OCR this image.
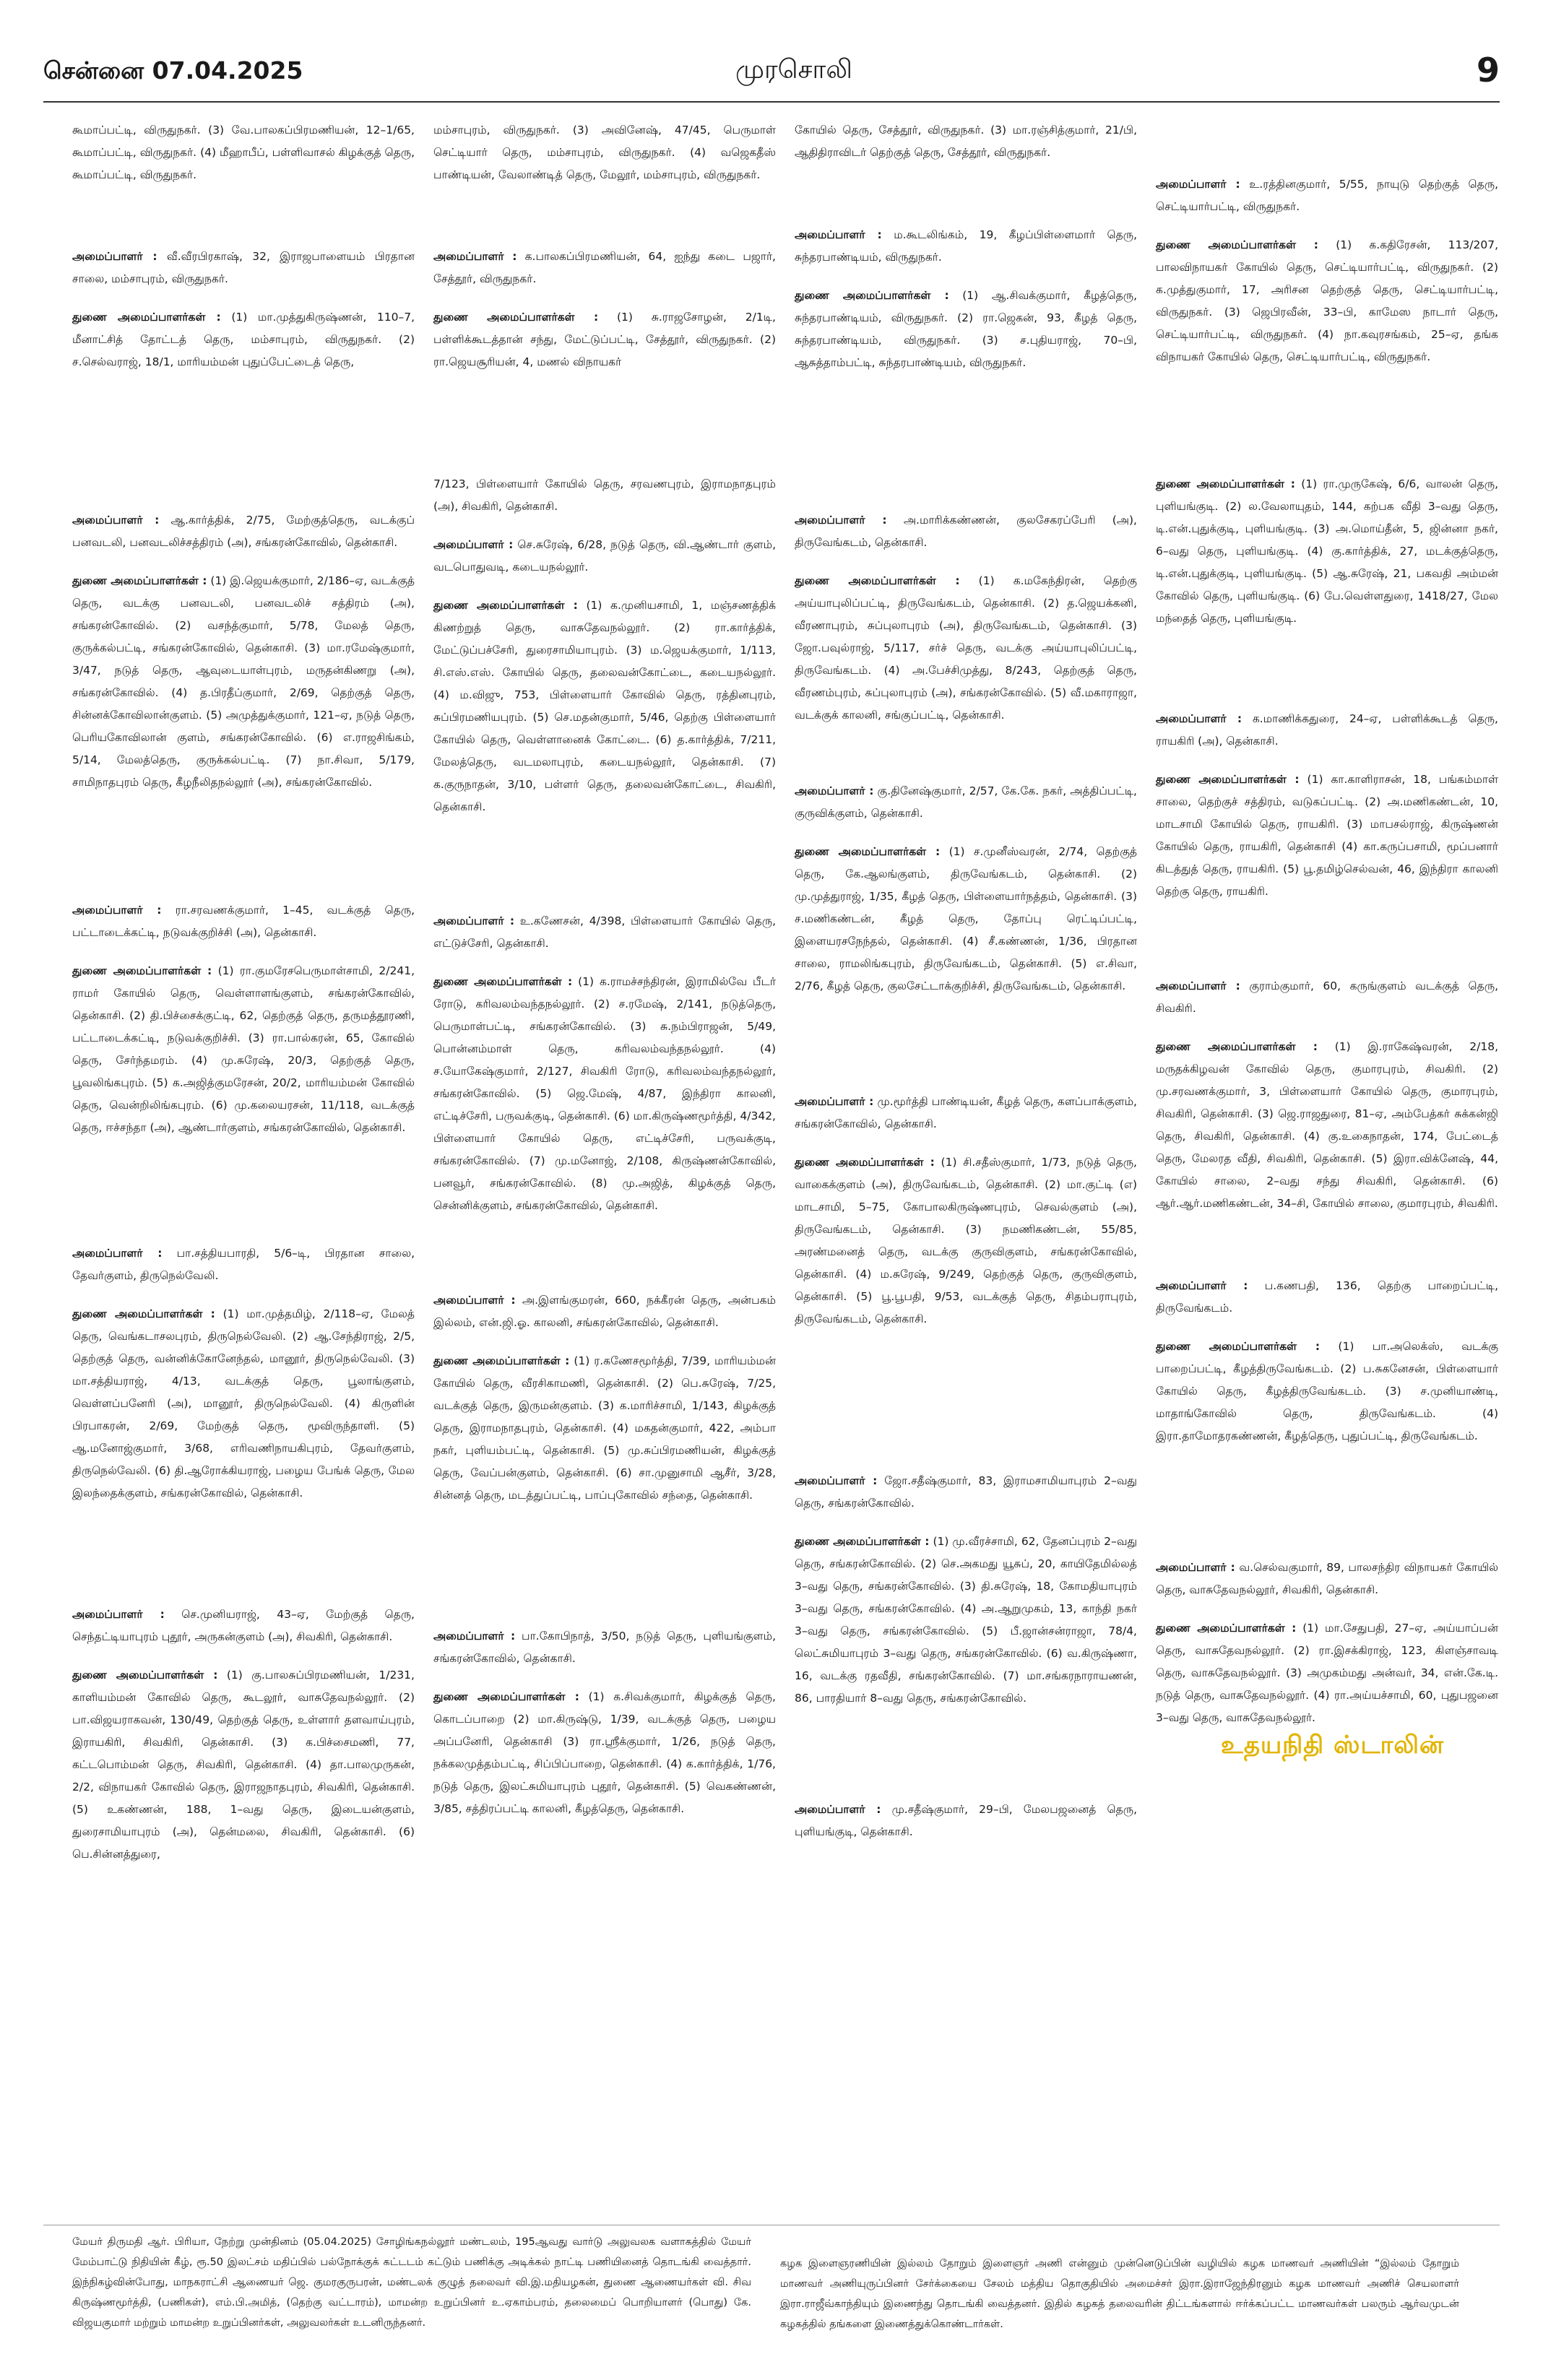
சென்னை 07.04.2025	முரசொலி	9

கூமாப்பட்டி, விருதுநகர். (3) வே.பாலகப்பிரமணியன், 12–1/65, கூமாப்பட்டி, விருதுநகர். (4) மீஹாபீப், பள்ளிவாசல் கிழக்குத் தெரு, கூமாப்பட்டி, விருதுநகர்.

அமைப்பாளர் : வீ.வீரபிரகாஷ், 32, இராஜபாளையம் பிரதான சாலை, மம்சாபுரம், விருதுநகர்.

துணை அமைப்பாளர்கள் : (1) மா.முத்துகிருஷ்ணன், 110–7, மீனாட்சித் தோட்டத் தெரு, மம்சாபுரம், விருதுநகர். (2) ச.செல்வராஜ், 18/1, மாரியம்மன் புதுப்பேட்டைத் தெரு,

அமைப்பாளர் : ஆ.கார்த்திக், 2/75, மேற்குத்தெரு, வடக்குப் பனவடலி, பனவடலிச்சத்திரம் (அ), சங்கரன்கோவில், தென்காசி.

துணை அமைப்பாளர்கள் : (1) இ.ஜெயக்குமார், 2/186–ஏ, வடக்குத் தெரு, வடக்கு பனவடலி, பனவடலிச் சத்திரம் (அ), சங்கரன்கோவில். (2) வசந்த்குமார், 5/78, மேலத் தெரு, குருக்கல்பட்டி, சங்கரன்கோவில், தென்காசி. (3) மா.ரமேஷ்குமார், 3/47, நடுத் தெரு, ஆவுடையாள்புரம், மருதன்கிணறு (அ), சங்கரன்கோவில். (4) த.பிரதீப்குமார், 2/69, தெற்குத் தெரு, சின்னக்கோவிலான்குளம். (5) அமுத்துக்குமார், 121–ஏ, நடுத் தெரு, பெரியகோவிலான் குளம், சங்கரன்கோவில். (6) எ.ராஜசிங்கம், 5/14, மேலத்தெரு, குருக்கல்பட்டி. (7) நா.சிவா, 5/179, சாமிநாதபுரம் தெரு, கீழநீலிதநல்லூர் (அ), சங்கரன்கோவில்.

அமைப்பாளர் : ரா.சரவணக்குமார், 1–45, வடக்குத் தெரு, பட்டாடைக்கட்டி, நடுவக்குறிச்சி (அ), தென்காசி.

துணை அமைப்பாளர்கள் : (1) ரா.குமரேசபெருமாள்சாமி, 2/241, ராமர் கோயில் தெரு, வெள்ளாளங்குளம், சங்கரன்கோவில், தென்காசி. (2) தி.பிச்சைக்குட்டி, 62, தெற்குத் தெரு, தருமத்தூரணி, பட்டாடைக்கட்டி, நடுவக்குறிச்சி. (3) ரா.பால்கரன், 65, கோவில் தெரு, சேர்ந்தமரம். (4) மு.சுரேஷ், 20/3, தெற்குத் தெரு, பூவலிங்கபுரம். (5) க.அஜித்குமரேசன், 20/2, மாரியம்மன் கோவில் தெரு, வென்றிலிங்கபுரம். (6) மு.கலையரசன், 11/118, வடக்குத் தெரு, ஈச்சந்தா (அ), ஆண்டார்குளம், சங்கரன்கோவில், தென்காசி.

அமைப்பாளர் : பா.சத்தியபாரதி, 5/6–டி, பிரதான சாலை, தேவர்குளம், திருநெல்வேலி.

துணை அமைப்பாளர்கள் : (1) மா.முத்தமிழ், 2/118–ஏ, மேலத் தெரு, வெங்கடாசலபுரம், திருநெல்வேலி. (2) ஆ.சேந்திராஜ், 2/5, தெற்குத் தெரு, வன்னிக்கோனேந்தல், மானூர், திருநெல்வேலி. (3) மா.சத்தியராஜ், 4/13, வடக்குத் தெரு, பூலாங்குளம், வெள்ளப்பனேரி (அ), மானூர், திருநெல்வேலி. (4) கிருளின் பிரபாகரன், 2/69, மேற்குத் தெரு, மூவிருந்தாளி. (5) ஆ.மனோஜ்குமார், 3/68, எரிவணிநாயகிபுரம், தேவர்குளம், திருநெல்வேலி. (6) தி.ஆரோக்கியராஜ், பழைய பேங்க் தெரு, மேல இலந்தைக்குளம், சங்கரன்கோவில், தென்காசி.

அமைப்பாளர் : செ.முனியராஜ், 43–ஏ, மேற்குத் தெரு, செந்தட்டியாபுரம் புதூர், அருகன்குளம் (அ), சிவகிரி, தென்காசி.

துணை அமைப்பாளர்கள் : (1) கு.பாலசுப்பிரமணியன், 1/231, காளியம்மன் கோவில் தெரு, கூடலூர், வாசுதேவநல்லூர். (2) பா.விஜயராகவன், 130/49, தெற்குத் தெரு, உள்ளார் தளவாய்புரம், இராயகிரி, சிவகிரி, தென்காசி. (3) க.பிச்சைமணி, 77, கட்டபொம்மன் தெரு, சிவகிரி, தென்காசி. (4) தா.பாலமுருகன், 2/2, விநாயகர் கோவில் தெரு, இராஜநாதபுரம், சிவகிரி, தென்காசி. (5) உகண்ணன், 188, 1–வது தெரு, இடையன்குளம், துரைசாமியாபுரம் (அ), தென்மலை, சிவகிரி, தென்காசி. (6) பெ.சின்னத்துரை,

மம்சாபுரம், விருதுநகர். (3) அவினேஷ், 47/45, பெருமாள் செட்டியார் தெரு, மம்சாபுரம், விருதுநகர். (4) வஜெகதீஸ் பாண்டியன், வேலாண்டித் தெரு, மேலூர், மம்சாபுரம், விருதுநகர்.

அமைப்பாளர் : க.பாலகப்பிரமணியன், 64, ஐந்து கடை பஜார், சேத்தூர், விருதுநகர்.

துணை அமைப்பாளர்கள் : (1) சு.ராஜசோழன், 2/1டி, பள்ளிக்கூடத்தான் சந்து, மேட்டுப்பட்டி, சேத்தூர், விருதுநகர். (2) ரா.ஜெயசூரியன், 4, மணல் விநாயகர்

7/123, பிள்ளையார் கோயில் தெரு, சரவணபுரம், இராமநாதபுரம் (அ), சிவகிரி, தென்காசி.

அமைப்பாளர் : செ.சுரேஷ், 6/28, நடுத் தெரு, வி.ஆண்டார் குளம், வடபொதுவடி, கடையநல்லூர்.

துணை அமைப்பாளர்கள் : (1) க.முனியசாமி, 1, மஞ்சணத்திக் கிணற்றுத் தெரு, வாசுதேவநல்லூர். (2) ரா.கார்த்திக், மேட்டுப்பச்சேரி, துரைசாமியாபுரம். (3) ம.ஜெயக்குமார், 1/113, சி.எஸ்.எஸ். கோயில் தெரு, தலைவன்கோட்டை, கடையநல்லூர். (4) ம.விஜு, 753, பிள்ளையார் கோவில் தெரு, ரத்தினபுரம், சுப்பிரமணியபுரம். (5) செ.மதன்குமார், 5/46, தெற்கு பிள்ளையார் கோயில் தெரு, வெள்ளானைக் கோட்டை. (6) த.கார்த்திக், 7/211, மேலத்தெரு, வடமலாபுரம், கடையநல்லூர், தென்காசி. (7) க.குருநாதன், 3/10, பள்ளர் தெரு, தலைவன்கோட்டை, சிவகிரி, தென்காசி.

அமைப்பாளர் : உ.கணேசன், 4/398, பிள்ளையார் கோயில் தெரு, எட்டுச்சேரி, தென்காசி.

துணை அமைப்பாளர்கள் : (1) க.ராமச்சந்திரன், இராமில்வே பீடர் ரோடு, கரிவலம்வந்தநல்லூர். (2) ச.ரமேஷ், 2/141, நடுத்தெரு, பெருமாள்பட்டி, சங்கரன்கோவில். (3) சு.நம்பிராஜன், 5/49, பொன்னம்மாள் தெரு, கரிவலம்வந்தநல்லூர். (4) ச.யோகேஷ்குமார், 2/127, சிவகிரி ரோடு, கரிவலம்வந்தநல்லூர், சங்கரன்கோவில். (5) ஜெ.மேஷ், 4/87, இந்திரா காலனி, எட்டிச்சேரி, பருவக்குடி, தென்காசி. (6) மா.கிருஷ்ணமூர்த்தி, 4/342, பிள்ளையார் கோயில் தெரு, எட்டிச்சேரி, பருவக்குடி, சங்கரன்கோவில். (7) மு.மனோஜ், 2/108, கிருஷ்ணன்கோவில், பனவூர், சங்கரன்கோவில். (8) மு.அஜித், கிழக்குத் தெரு, சென்னிக்குளம், சங்கரன்கோவில், தென்காசி.

அமைப்பாளர் : அ.இளங்குமரன், 660, நக்கீரன் தெரு, அன்பகம் இல்லம், என்.ஜி.ஓ. காலனி, சங்கரன்கோவில், தென்காசி.

துணை அமைப்பாளர்கள் : (1) ர.கணேசமூர்த்தி, 7/39, மாரியம்மன் கோயில் தெரு, வீரசிகாமணி, தென்காசி. (2) பெ.சுரேஷ், 7/25, வடக்குத் தெரு, இருமன்குளம். (3) க.மாரிச்சாமி, 1/143, கிழக்குத் தெரு, இராமநாதபுரம், தென்காசி. (4) மகதன்குமார், 422, அம்பா நகர், புளியம்பட்டி, தென்காசி. (5) மு.சுப்பிரமணியன், கிழக்குத் தெரு, வேப்பன்குளம், தென்காசி. (6) சா.முனுசாமி ஆசீர், 3/28, சின்னத் தெரு, மடத்துப்பட்டி, பாப்புகோவில் சந்தை, தென்காசி.

அமைப்பாளர் : பா.கோபிநாத், 3/50, நடுத் தெரு, புளியங்குளம், சங்கரன்கோவில், தென்காசி.

துணை அமைப்பாளர்கள் : (1) க.சிவக்குமார், கிழக்குத் தெரு, கொடப்பாறை (2) மா.கிருஷ்டு, 1/39, வடக்குத் தெரு, பழைய அப்பனேரி, தென்காசி (3) ரா.ஸ்ரீக்குமார், 1/26, நடுத் தெரு, நக்கலமுத்தம்பட்டி, சிப்பிப்பாறை, தென்காசி. (4) க.கார்த்திக், 1/76, நடுத் தெரு, இலட்சுமியாபுரம் புதூர், தென்காசி. (5) வெகண்ணன், 3/85, சத்திரப்பட்டி காலனி, கீழத்தெரு, தென்காசி.

கோயில் தெரு, சேத்தூர், விருதுநகர். (3) மா.ரஞ்சித்குமார், 21/பி, ஆதிதிராவிடர் தெற்குத் தெரு, சேத்தூர், விருதுநகர்.

அமைப்பாளர் : ம.கூடலிங்கம், 19, கீழப்பிள்ளைமார் தெரு, சுந்தரபாண்டியம், விருதுநகர்.

துணை அமைப்பாளர்கள் : (1) ஆ.சிவக்குமார், கீழத்தெரு, சுந்தரபாண்டியம், விருதுநகர். (2) ரா.ஜெகன், 93, கீழத் தெரு, சுந்தரபாண்டியம், விருதுநகர். (3) ச.புதியராஜ், 70–பி, ஆசுத்தாம்பட்டி, சுந்தரபாண்டியம், விருதுநகர்.

அமைப்பாளர் : அ.மாரிக்கண்ணன், குலசேகரப்பேரி (அ), திருவேங்கடம், தென்காசி.

துணை அமைப்பாளர்கள் : (1) க.மகேந்திரன், தெற்கு அய்யாபுலிப்பட்டி, திருவேங்கடம், தென்காசி. (2) த.ஜெயக்கனி, வீரணாபுரம், சுப்புலாபுரம் (அ), திருவேங்கடம், தென்காசி. (3) ஜோ.பவுல்ராஜ், 5/117, சர்ச் தெரு, வடக்கு அய்யாபுலிப்பட்டி, திருவேங்கடம். (4) அ.பேச்சிமுத்து, 8/243, தெற்குத் தெரு, வீரணம்புரம், சுப்புலாபுரம் (அ), சங்கரன்கோவில். (5) வீ.மகாராஜா, வடக்குக் காலனி, சங்குப்பட்டி, தென்காசி.

அமைப்பாளர் : கு.தினேஷ்குமார், 2/57, கே.கே. நகர், அத்திப்பட்டி, குருவிக்குளம், தென்காசி.

துணை அமைப்பாளர்கள் : (1) ச.முனீஸ்வரன், 2/74, தெற்குத் தெரு, கே.ஆலங்குளம், திருவேங்கடம், தென்காசி. (2) மு.முத்துராஜ், 1/35, கீழத் தெரு, பிள்ளையார்நத்தம், தென்காசி. (3) ச.மணிகண்டன், கீழத் தெரு, தோப்பு ரெட்டிப்பட்டி, இளையரசநேந்தல், தென்காசி. (4) சீ.கண்ணன், 1/36, பிரதான சாலை, ராமலிங்கபுரம், திருவேங்கடம், தென்காசி. (5) எ.சிவா, 2/76, கீழத் தெரு, குலசேட்டாக்குறிச்சி, திருவேங்கடம், தென்காசி.

அமைப்பாளர் : மு.மூர்த்தி பாண்டியன், கீழத் தெரு, களப்பாக்குளம், சங்கரன்கோவில், தென்காசி.

துணை அமைப்பாளர்கள் : (1) சி.சதீஸ்குமார், 1/73, நடுத் தெரு, வாகைக்குளம் (அ), திருவேங்கடம், தென்காசி. (2) மா.குட்டி (எ) மாடசாமி, 5–75, கோபாலகிருஷ்ணபுரம், செவல்குளம் (அ), திருவேங்கடம், தென்காசி. (3) நமணிகண்டன், 55/85, அரண்மனைத் தெரு, வடக்கு குருவிகுளம், சங்கரன்கோவில், தென்காசி. (4) ம.சுரேஷ், 9/249, தெற்குத் தெரு, குருவிகுளம், தென்காசி. (5) பூ.பூபதி, 9/53, வடக்குத் தெரு, சிதம்பராபுரம், திருவேங்கடம், தென்காசி.

அமைப்பாளர் : ஜோ.சதீஷ்குமார், 83, இராமசாமியாபுரம் 2–வது தெரு, சங்கரன்கோவில்.

துணை அமைப்பாளர்கள் : (1) மு.வீரச்சாமி, 62, தேனப்புரம் 2–வது தெரு, சங்கரன்கோவில். (2) செ.அகமது யூசுப், 20, காயிதேமில்லத் 3–வது தெரு, சங்கரன்கோவில். (3) தி.சுரேஷ், 18, கோமதியாபுரம் 3–வது தெரு, சங்கரன்கோவில். (4) அ.ஆறுமுகம், 13, காந்தி நகர் 3–வது தெரு, சங்கரன்கோவில். (5) பீ.ஜான்சன்ராஜா, 78/4, லெட்சுமியாபுரம் 3–வது தெரு, சங்கரன்கோவில். (6) வ.கிருஷ்ணா, 16, வடக்கு ரதவீதி, சங்கரன்கோவில். (7) மா.சங்கரநாராயணன், 86, பாரதியார் 8–வது தெரு, சங்கரன்கோவில்.

அமைப்பாளர் : மு.சதீஷ்குமார், 29–பி, மேலபஜனைத் தெரு, புளியங்குடி, தென்காசி.

அமைப்பாளர் : உ.ரத்தினகுமார், 5/55, நாயுடு தெற்குத் தெரு, செட்டியார்பட்டி, விருதுநகர்.

துணை அமைப்பாளர்கள் : (1) க.கதிரேசன், 113/207, பாலவிநாயகர் கோயில் தெரு, செட்டியார்பட்டி, விருதுநகர். (2) க.முத்துகுமார், 17, அரிசன தெற்குத் தெரு, செட்டியார்பட்டி, விருதுநகர். (3) ஜெபிரவீன், 33–பி, காமேஸ நாடார் தெரு, செட்டியார்பட்டி, விருதுநகர். (4) நா.கவுரசங்கம், 25–ஏ, தங்க விநாயகர் கோயில் தெரு, செட்டியார்பட்டி, விருதுநகர்.

துணை அமைப்பாளர்கள் : (1) ரா.முருகேஷ், 6/6, வாலன் தெரு, புளியங்குடி. (2) ல.வேலாயுதம், 144, கற்பக வீதி 3–வது தெரு, டி.என்.புதுக்குடி, புளியங்குடி. (3) அ.மொய்தீன், 5, ஜின்னா நகர், 6–வது தெரு, புளியங்குடி. (4) கு.கார்த்திக், 27, மடக்குத்தெரு, டி.என்.புதுக்குடி, புளியங்குடி. (5) ஆ.சுரேஷ், 21, பகவதி அம்மன் கோவில் தெரு, புளியங்குடி. (6) பே.வெள்ளதுரை, 1418/27, மேல மந்தைத் தெரு, புளியங்குடி.

அமைப்பாளர் : க.மாணிக்கதுரை, 24–ஏ, பள்ளிக்கூடத் தெரு, ராயகிரி (அ), தென்காசி.

துணை அமைப்பாளர்கள் : (1) கா.காளிராசன், 18, பங்கம்மாள் சாலை, தெற்குச் சத்திரம், வடுகப்பட்டி. (2) அ.மணிகண்டன், 10, மாடசாமி கோயில் தெரு, ராயகிரி. (3) மாபசல்ராஜ், கிருஷ்ணன் கோயில் தெரு, ராயகிரி, தென்காசி (4) கா.கருப்பசாமி, மூப்பனார் கிடத்துத் தெரு, ராயகிரி. (5) பூ.தமிழ்செல்வன், 46, இந்திரா காலனி தெற்கு தெரு, ராயகிரி.

அமைப்பாளர் : குராம்குமார், 60, கருங்குளம் வடக்குத் தெரு, சிவகிரி.

துணை அமைப்பாளர்கள் : (1) இ.ராகேஷ்வரன், 2/18, மருதக்கிழவன் கோவில் தெரு, குமாரபுரம், சிவகிரி. (2) மு.சரவணக்குமார், 3, பிள்ளையார் கோயில் தெரு, குமாரபுரம், சிவகிரி, தென்காசி. (3) ஜெ.ராஜதுரை, 81–ஏ, அம்பேத்கர் சுக்கன்ஜி தெரு, சிவகிரி, தென்காசி. (4) கு.உகைநாதன், 174, பேட்டைத் தெரு, மேலரத வீதி, சிவகிரி, தென்காசி. (5) இரா.விக்னேஷ், 44, கோயில் சாலை, 2–வது சந்து சிவகிரி, தென்காசி. (6) ஆர்.ஆர்.மணிகண்டன், 34–சி, கோயில் சாலை, குமாரபுரம், சிவகிரி.

அமைப்பாளர் : ப.கணபதி, 136, தெற்கு பாறைப்பட்டி, திருவேங்கடம்.

துணை அமைப்பாளர்கள் : (1) பா.அலெக்ஸ், வடக்கு பாறைப்பட்டி, கீழத்திருவேங்கடம். (2) ப.சுகனேசன், பிள்ளையார் கோயில் தெரு, கீழத்திருவேங்கடம். (3) ச.முனியாண்டி, மாதாங்கோவில் தெரு, திருவேங்கடம். (4) இரா.தாமோதரகண்ணன், கீழத்தெரு, புதுப்பட்டி, திருவேங்கடம்.

அமைப்பாளர் : வ.செல்வகுமார், 89, பாலசந்திர விநாயகர் கோயில் தெரு, வாசுதேவநல்லூர், சிவகிரி, தென்காசி.

துணை அமைப்பாளர்கள் : (1) மா.சேதுபதி, 27–ஏ, அய்யாப்பன் தெரு, வாசுதேவநல்லூர். (2) ரா.இசக்கிராஜ், 123, கிளஞ்சாவடி தெரு, வாசுதேவநல்லூர். (3) அமுகம்மது அன்வர், 34, என்.கே.டி. நடுத் தெரு, வாசுதேவநல்லூர். (4) ரா.அய்யச்சாமி, 60, புதுபஜனை 3–வது தெரு, வாசுதேவநல்லூர்.

உதயநிதி ஸ்டாலின்
மேயர் திருமதி ஆர். பிரியா, நேற்று முன்தினம் (05.04.2025) சோழிங்கநல்லூர் மண்டலம், 195ஆவது வார்டு அலுவலக வளாகத்தில் மேயர் மேம்பாட்டு நிதியின் கீழ், ரூ.50 இலட்சம் மதிப்பில் பல்நோக்குக் கட்டடம் கட்டும் பணிக்கு அடிக்கல் நாட்டி பணியினைத் தொடங்கி வைத்தார். இந்நிகழ்வின்போது, மாநகராட்சி ஆணையர் ஜெ. குமரகுருபரன், மண்டலக் குழுத் தலைவர் வி.இ.மதியழகன், துணை ஆணையர்கள் வி. சிவ கிருஷ்ணமூர்த்தி, (பணிகள்), எம்.பி.அமித், (தெற்கு வட்டாரம்), மாமன்ற உறுப்பினர் உ.ஏகாம்பரம், தலைமைப் பொறியாளர் (பொது) கே. விஜயகுமார் மற்றும் மாமன்ற உறுப்பினர்கள், அலுவலர்கள் உடனிருந்தனர்.
கழக இளைஞரணியின் இல்லம் தோறும் இளைஞர் அணி என்னும் முன்னெடுப்பின் வழியில் கழக மாணவர் அணியின் “இல்லம் தோறும் மாணவர் அணியுருப்பினர் சேர்க்கையை சேலம் மத்திய தொகுதியில் அமைச்சர் இரா.இராஜேந்திரனும் கழக மாணவர் அணிச் செயலாளர் இரா.ராஜீவ்காந்தியும் இணைந்து தொடங்கி வைத்தனர். இதில் கழகத் தலைவரின் திட்டங்களால் ஈர்க்கப்பட்ட மாணவர்கள் பலரும் ஆர்வமுடன் கழகத்தில் தங்களை இணைத்துக்கொண்டார்கள்.
